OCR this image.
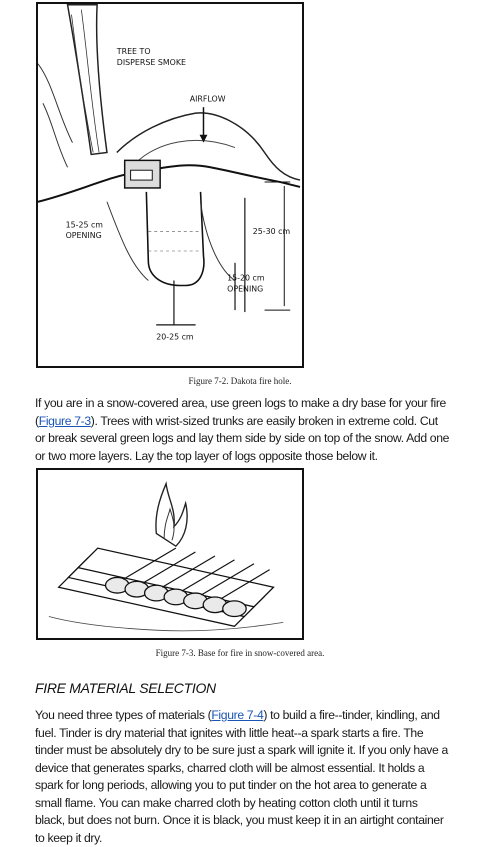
TREE TO
DISPERSE SMOKE
AIRFLOW
15-25 cm
OPENING	25-30 cm
15-20 cm
OPENING
20-25 cm
Figure 7-2. Dakota fire hole.
If you are in a snow-covered area, use green logs to make a dry base for your fire (Figure 7-3). Trees with wrist-sized trunks are easily broken in extreme cold. Cut or break several green logs and lay them side by side on top of the snow. Add one or two more layers. Lay the top layer of logs opposite those below it.
Figure 7-3. Base for fire in snow-covered area.
FIRE MATERIAL SELECTION
You need three types of materials (Figure 7-4) to build a fire--tinder, kindling, and fuel. Tinder is dry material that ignites with little heat--a spark starts a fire. The tinder must be absolutely dry to be sure just a spark will ignite it. If you only have a device that generates sparks, charred cloth will be almost essential. It holds a spark for long periods, allowing you to put tinder on the hot area to generate a small flame. You can make charred cloth by heating cotton cloth until it turns black, but does not burn. Once it is black, you must keep it in an airtight container to keep it dry.
